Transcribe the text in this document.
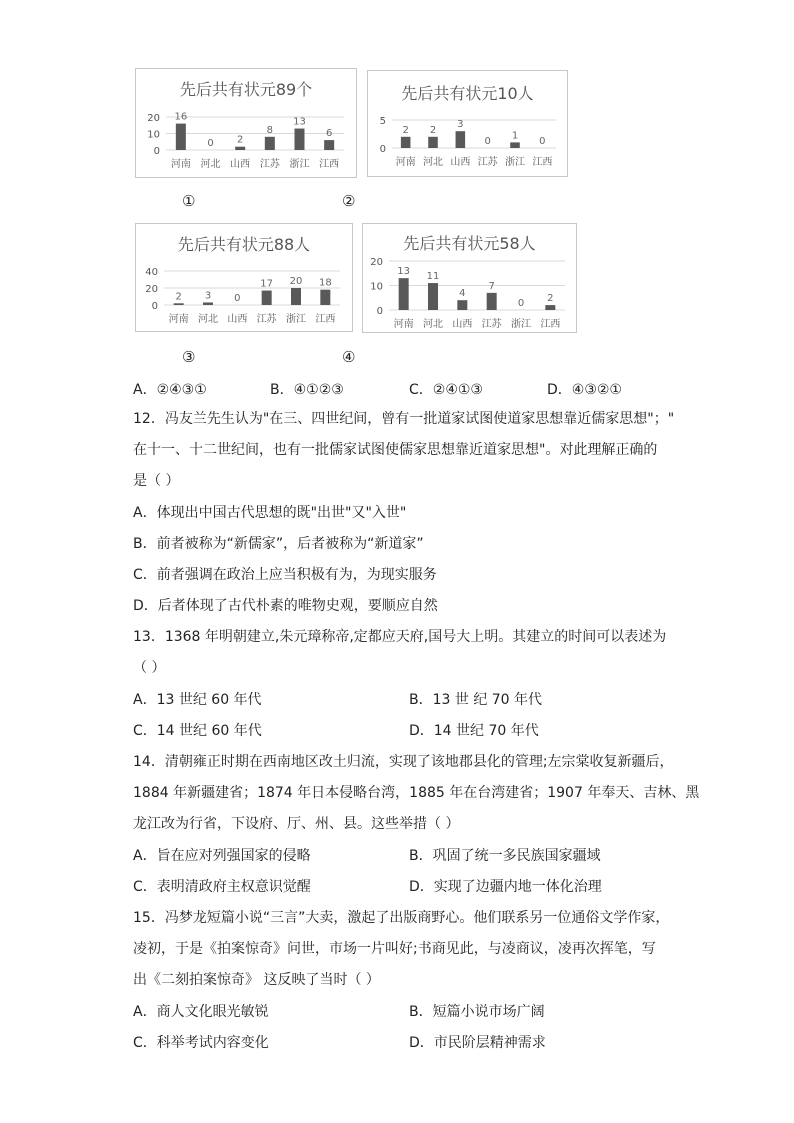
先后共有状元89个
0
10
20 16
河南
0
河北
2
山西
8
江苏
13
浙江
6
江西
先后共有状元10人
0
5
2
河南
2
河北
3
山西
0
江苏
1
浙江
0
江西
先后共有状元88人
0
20
40
2
河南
3
河北
0
山西
17
江苏
20
浙江
18
江西
先后共有状元58人
0
10
20
13
河南
11
河北
4
山西
7
江苏
0
浙江
2
江西
①	②
③	④
A．②④③①	B．④①②③	C．②④①③	D．④③②①
12．冯友兰先生认为"在三、四世纪间，曾有一批道家试图使道家思想靠近儒家思想"；"
在十一、十二世纪间，也有一批儒家试图使儒家思想靠近道家思想"。对此理解正确的
是（ ）
A．体现出中国古代思想的既"出世"又"入世"
B．前者被称为“新儒家”，后者被称为“新道家”
C．前者强调在政治上应当积极有为，为现实服务
D．后者体现了古代朴素的唯物史观，要顺应自然
13．1368 年明朝建立,朱元璋称帝,定都应天府,国号大上明。其建立的时间可以表述为
（ ）
A．13 世纪 60 年代	B．13 世 纪 70 年代
C．14 世纪 60 年代	D．14 世纪 70 年代
14．清朝雍正时期在西南地区改土归流，实现了该地郡县化的管理;左宗棠收复新疆后，
1884 年新疆建省；1874 年日本侵略台湾，1885 年在台湾建省；1907 年奉天、吉林、黑
龙江改为行省，下设府、厅、州、县。这些举措（ ）
A．旨在应对列强国家的侵略	B．巩固了统一多民族国家疆域
C．表明清政府主权意识觉醒	D．实现了边疆内地一体化治理
15．冯梦龙短篇小说“三言”大卖，激起了出版商野心。他们联系另一位通俗文学作家，
凌初，于是《拍案惊奇》问世，市场一片叫好;书商见此，与凌商议，凌再次挥笔，写
出《二刻拍案惊奇》 这反映了当时（ ）
A．商人文化眼光敏锐	B．短篇小说市场广阔
C．科举考试内容变化	D．市民阶层精神需求
